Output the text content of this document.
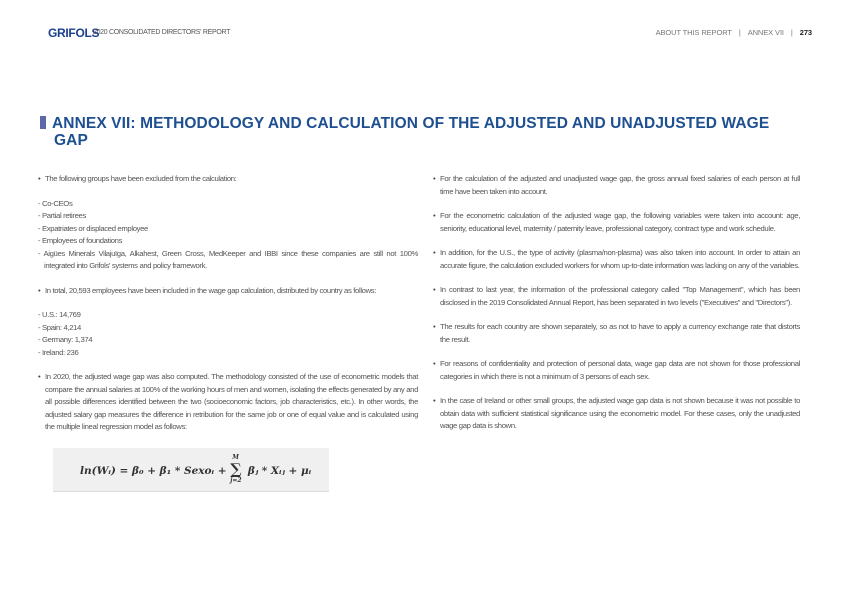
GRIFOLS
2020 CONSOLIDATED DIRECTORS' REPORT	ABOUT THIS REPORT | ANNEX VII | 273
ANNEX VII: METHODOLOGY AND CALCULATION OF THE ADJUSTED AND UNADJUSTED WAGE GAP
• The following groups have been excluded from the calculation:
- Co-CEOs
- Partial retirees
- Expatriates or displaced employee
- Employees of foundations
- Aigües Minerals Vilajuïga, Alkahest, Green Cross, MedKeeper and IBBI since these companies are still not 100% integrated into Grifols' systems and policy framework.
• In total, 20,593 employees have been included in the wage gap calculation, distributed by country as follows:
- U.S.: 14,769
- Spain: 4,214
- Germany: 1,374
- Ireland: 236
• In 2020, the adjusted wage gap was also computed. The methodology consisted of the use of econometric models that compare the annual salaries at 100% of the working hours of men and women, isolating the effects generated by any and all possible differences identified between the two (socioeconomic factors, job characteristics, etc.). In other words, the adjusted salary gap measures the difference in retribution for the same job or one of equal value and is calculated using the multiple lineal regression model as follows:
ln(Wᵢ) = β₀ + β₁ * Sexoᵢ +
M
∑
j=2
βⱼ * Xᵢⱼ + μᵢ
• For the calculation of the adjusted and unadjusted wage gap, the gross annual fixed salaries of each person at full time have been taken into account.
• For the econometric calculation of the adjusted wage gap, the following variables were taken into account: age, seniority, educational level, maternity / paternity leave, professional category, contract type and work schedule.
• In addition, for the U.S., the type of activity (plasma/non-plasma) was also taken into account. In order to attain an accurate figure, the calculation excluded workers for whom up-to-date information was lacking on any of the variables.
• In contrast to last year, the information of the professional category called "Top Management", which has been disclosed in the 2019 Consolidated Annual Report, has been separated in two levels ("Executives" and "Directors").
• The results for each country are shown separately, so as not to have to apply a currency exchange rate that distorts the result.
• For reasons of confidentiality and protection of personal data, wage gap data are not shown for those professional categories in which there is not a minimum of 3 persons of each sex.
• In the case of Ireland or other small groups, the adjusted wage gap data is not shown because it was not possible to obtain data with sufficient statistical significance using the econometric model. For these cases, only the unadjusted wage gap data is shown.
